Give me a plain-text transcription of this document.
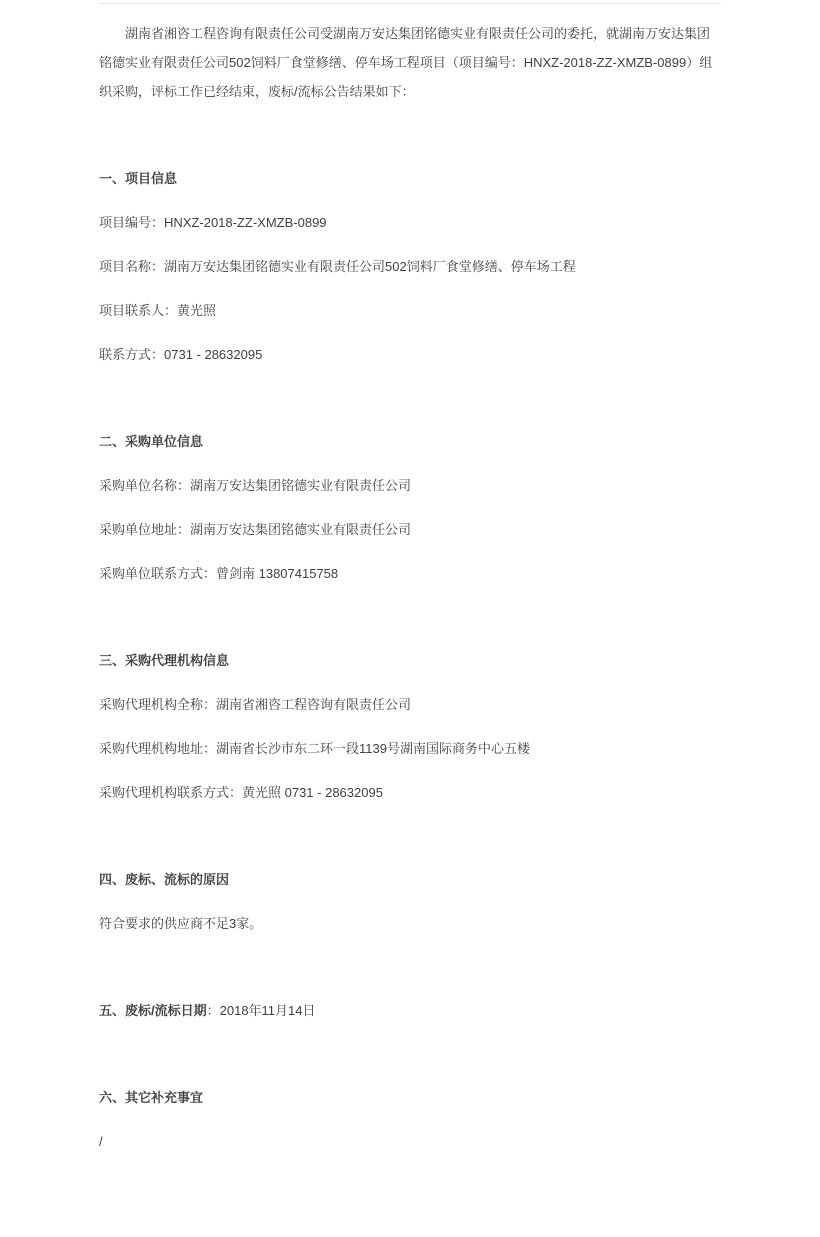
湖南省湘咨工程咨询有限责任公司受湖南万安达集团铭德实业有限责任公司的委托，就湖南万安达集团铭德实业有限责任公司502饲料厂食堂修缮、停车场工程项目（项目编号：HNXZ-2018-ZZ-XMZB-0899）组织采购，评标工作已经结束，废标/流标公告结果如下：

一、项目信息

项目编号：HNXZ-2018-ZZ-XMZB-0899

项目名称：湖南万安达集团铭德实业有限责任公司502饲料厂食堂修缮、停车场工程

项目联系人：黄光照

联系方式：0731 - 28632095

二、采购单位信息

采购单位名称：湖南万安达集团铭德实业有限责任公司

采购单位地址：湖南万安达集团铭德实业有限责任公司

采购单位联系方式：曾剑南 13807415758

三、采购代理机构信息

采购代理机构全称：湖南省湘咨工程咨询有限责任公司

采购代理机构地址：湖南省长沙市东二环一段1139号湖南国际商务中心五楼

采购代理机构联系方式：黄光照 0731 - 28632095

四、废标、流标的原因

符合要求的供应商不足3家。

五、废标/流标日期：2018年11月14日

六、其它补充事宜

/
